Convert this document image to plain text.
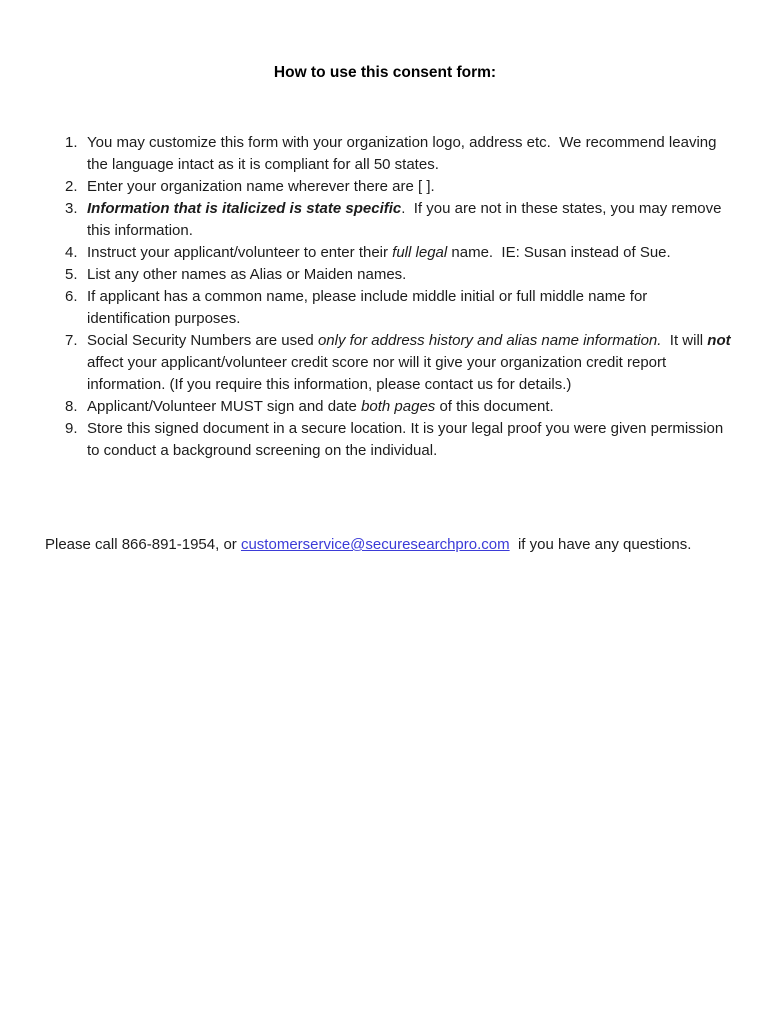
How to use this consent form:
1. You may customize this form with your organization logo, address etc.  We recommend leaving the language intact as it is compliant for all 50 states.
2. Enter your organization name wherever there are [ ].
3. Information that is italicized is state specific.  If you are not in these states, you may remove this information.
4. Instruct your applicant/volunteer to enter their full legal name.  IE: Susan instead of Sue.
5. List any other names as Alias or Maiden names.
6. If applicant has a common name, please include middle initial or full middle name for identification purposes.
7. Social Security Numbers are used only for address history and alias name information.  It will not affect your applicant/volunteer credit score nor will it give your organization credit report information. (If you require this information, please contact us for details.)
8. Applicant/Volunteer MUST sign and date both pages of this document.
9. Store this signed document in a secure location. It is your legal proof you were given permission to conduct a background screening on the individual.

Please call 866-891-1954, or customerservice@securesearchpro.com  if you have any questions.
